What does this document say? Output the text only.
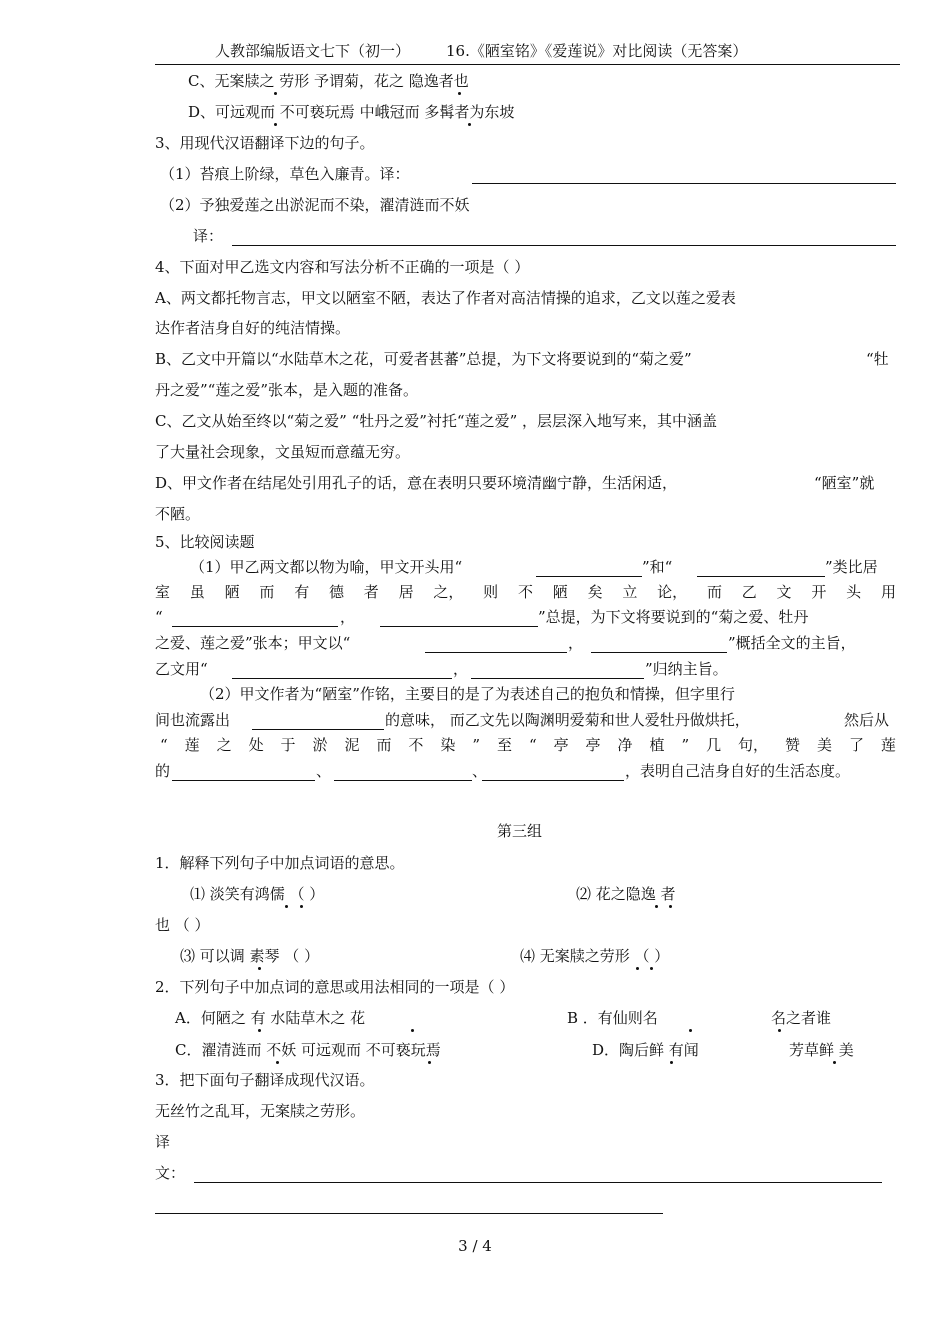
人教部编版语文七下（初一） 16.《陋室铭》《爱莲说》对比阅读（无答案）
C、无案牍之 劳形 予谓菊，花之 隐逸者也
D、可远观而 不可亵玩焉 中峨冠而 多髯者为东坡
3、用现代汉语翻译下边的句子。
（1）苔痕上阶绿，草色入廉青。译：
（2）予独爱莲之出淤泥而不染，濯清涟而不妖
译：
4、下面对甲乙选文内容和写法分析不正确的一项是（ ）
A、两文都托物言志，甲文以陋室不陋，表达了作者对高洁情操的追求，乙文以莲之爱表
达作者洁身自好的纯洁情操。
B、乙文中开篇以“水陆草木之花，可爱者甚蕃”总提，为下文将要说到的“菊之爱”	“牡
丹之爱”“莲之爱”张本，是入题的准备。
C、乙文从始至终以“菊之爱” “牡丹之爱”衬托“莲之爱” ，层层深入地写来，其中涵盖
了大量社会现象，文虽短而意蕴无穷。
D、甲文作者在结尾处引用孔子的话，意在表明只要环境清幽宁静，生活闲适，	“陋室”就
不陋。
5、比较阅读题
（1）甲乙两文都以物为喻，甲文开头用“	”和“	”类比居
室 虽 陋 而 有 德 者 居 之， 则 不 陋 矣 立 论， 而 乙 文 开 头 用
“	，	”总提，为下文将要说到的“菊之爱、牡丹
之爱、莲之爱”张本；甲文以“	，	”概括全文的主旨，
乙文用“	，	”归纳主旨。
（2）甲文作者为“陋室”作铭，主要目的是了为表述自己的抱负和情操，但字里行
间也流露出	的意味， 而乙文先以陶渊明爱菊和世人爱牡丹做烘托，	然后从
“ 莲 之 处 于 淤 泥 而 不 染 ” 至 “ 亭 亭 净 植 ” 几 句， 赞 美 了 莲
的	、	、	，表明自己洁身自好的生活态度。
第三组
1．解释下列句子中加点词语的意思。
⑴ 淡笑有鸿儒 （ ）	⑵ 花之隐逸 者
也 （ ）
⑶ 可以调 素琴 （ ）	⑷ 无案牍之劳形 （ ）
2．下列句子中加点词的意思或用法相同的一项是（ ）
A．何陋之 有 水陆草木之 花	B ．有仙则名	名之者谁
C．濯清涟而 不妖 可远观而 不可亵玩焉	D．陶后鲜 有闻	芳草鲜 美
3．把下面句子翻译成现代汉语。
无丝竹之乱耳，无案牍之劳形。
译
文：
3 / 4
